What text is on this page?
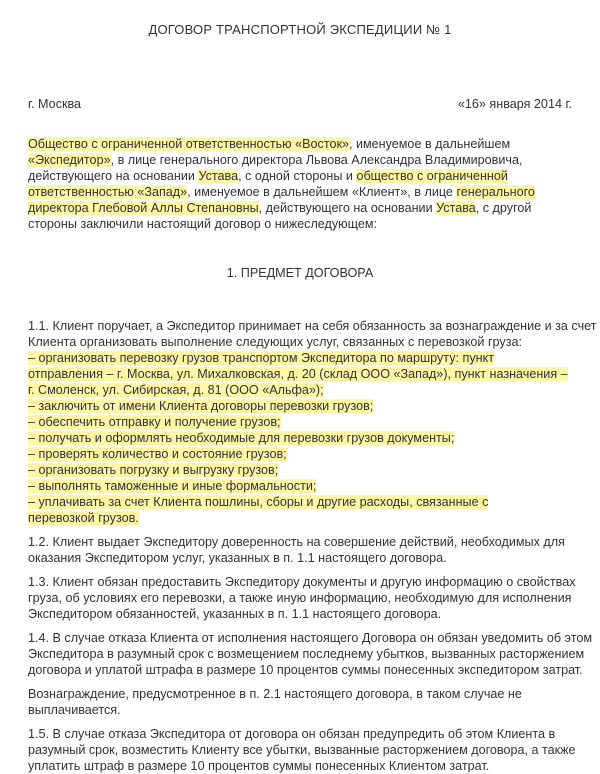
ДОГОВОР ТРАНСПОРТНОЙ ЭКСПЕДИЦИИ № 1
г. Москва	«16» января 2014 г.
Общество с ограниченной ответственностью «Восток», именуемое в дальнейшем
«Экспедитор», в лице генерального директора Львова Александра Владимировича,
действующего на основании Устава, с одной стороны и общество с ограниченной
ответственностью «Запад», именуемое в дальнейшем «Клиент», в лице генерального
директора Глебовой Аллы Степановны, действующего на основании Устава, с другой
стороны заключили настоящий договор о нижеследующем:
1. ПРЕДМЕТ ДОГОВОРА
1.1. Клиент поручает, а Экспедитор принимает на себя обязанность за вознаграждение и за счет
Клиента организовать выполнение следующих услуг, связанных с перевозкой груза:
– организовать перевозку грузов транспортом Экспедитора по маршруту: пункт
отправления – г. Москва, ул. Михалковская, д. 20 (склад ООО «Запад»), пункт назначения –
г. Смоленск, ул. Сибирская, д. 81 (ООО «Альфа»);
– заключить от имени Клиента договоры перевозки грузов;
– обеспечить отправку и получение грузов;
– получать и оформлять необходимые для перевозки грузов документы;
– проверять количество и состояние грузов;
– организовать погрузку и выгрузку грузов;
– выполнять таможенные и иные формальности;
– уплачивать за счет Клиента пошлины, сборы и другие расходы, связанные с
перевозкой грузов.
1.2. Клиент выдает Экспедитору доверенность на совершение действий, необходимых для
оказания Экспедитором услуг, указанных в п. 1.1 настоящего договора.
1.3. Клиент обязан предоставить Экспедитору документы и другую информацию о свойствах
груза, об условиях его перевозки, а также иную информацию, необходимую для исполнения
Экспедитором обязанностей, указанных в п. 1.1 настоящего договора.
1.4. В случае отказа Клиента от исполнения настоящего Договора он обязан уведомить об этом
Экспедитора в разумный срок с возмещением последнему убытков, вызванных расторжением
договора и уплатой штрафа в размере 10 процентов суммы понесенных экспедитором затрат.
Вознаграждение, предусмотренное в п. 2.1 настоящего договора, в таком случае не
выплачивается.
1.5. В случае отказа Экспедитора от договора он обязан предупредить об этом Клиента в
разумный срок, возместить Клиенту все убытки, вызванные расторжением договора, а также
уплатить штраф в размере 10 процентов суммы понесенных Клиентом затрат.
